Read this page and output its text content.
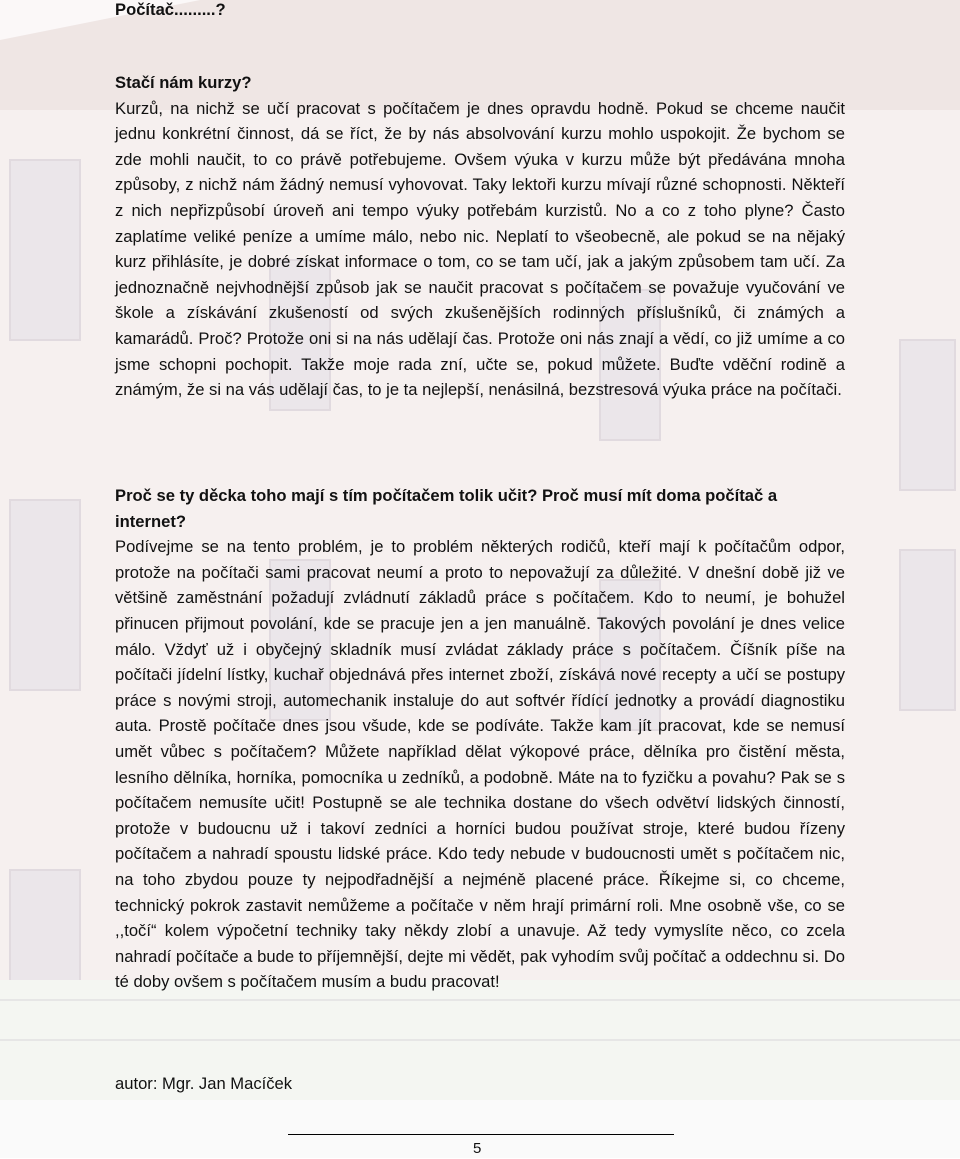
Počítač.........?

Stačí nám kurzy?

Kurzů, na nichž se učí pracovat s počítačem je dnes opravdu hodně. Pokud se chceme naučit jednu konkrétní činnost, dá se říct, že by nás absolvování kurzu mohlo uspokojit. Že bychom se zde mohli naučit, to co právě potřebujeme. Ovšem výuka v kurzu může být předávána mnoha způsoby, z nichž nám žádný nemusí vyhovovat. Taky lektoři kurzu mívají různé schopnosti. Někteří z nich nepřizpůsobí úroveň ani tempo výuky potřebám kurzistů. No a co z toho plyne? Často zaplatíme veliké peníze a umíme málo, nebo nic. Neplatí to všeobecně, ale pokud se na nějaký kurz přihlásíte, je dobré získat informace o tom, co se tam učí, jak a jakým způsobem tam učí. Za jednoznačně nejvhodnější způsob jak se naučit pracovat s počítačem se považuje vyučování ve škole a získávání zkušeností od svých zkušenějších rodinných příslušníků, či známých a kamarádů. Proč? Protože oni si na nás udělají čas. Protože oni nás znají a vědí, co již umíme a co jsme schopni pochopit. Takže moje rada zní, učte se, pokud můžete. Buďte vděční rodině a známým, že si na vás udělají čas, to je ta nejlepší, nenásilná, bezstresová výuka práce na počítači.

Proč se ty děcka toho mají s tím počítačem tolik učit? Proč musí mít doma počítač a internet?

Podívejme se na tento problém, je to problém některých rodičů, kteří mají k počítačům odpor, protože na počítači sami pracovat neumí a proto to nepovažují za důležité. V dnešní době již ve většině zaměstnání požadují zvládnutí základů práce s počítačem. Kdo to neumí, je bohužel přinucen přijmout povolání, kde se pracuje jen a jen manuálně. Takových povolání je dnes velice málo. Vždyť už i obyčejný skladník musí zvládat základy práce s počítačem. Číšník píše na počítači jídelní lístky, kuchař objednává přes internet zboží, získává nové recepty a učí se postupy práce s novými stroji, automechanik instaluje do aut softvér řídící jednotky a provádí diagnostiku auta. Prostě počítače dnes jsou všude, kde se podíváte. Takže kam jít pracovat, kde se nemusí umět vůbec s počítačem? Můžete například dělat výkopové práce, dělníka pro čistění města, lesního dělníka, horníka, pomocníka u zedníků, a podobně. Máte na to fyzičku a povahu? Pak se s počítačem nemusíte učit! Postupně se ale technika dostane do všech odvětví lidských činností, protože v budoucnu už i takoví zedníci a horníci budou používat stroje, které budou řízeny počítačem a nahradí spoustu lidské práce. Kdo tedy nebude v budoucnosti umět s počítačem nic, na toho zbydou pouze ty nejpodřadnější a nejméně placené práce. Říkejme si, co chceme, technický pokrok zastavit nemůžeme a počítače v něm hrají primární roli. Mne osobně vše, co se ,,točí“ kolem výpočetní techniky taky někdy zlobí a unavuje. Až tedy vymyslíte něco, co zcela nahradí počítače a bude to příjemnější, dejte mi vědět, pak vyhodím svůj počítač a oddechnu si. Do té doby ovšem s počítačem musím a budu pracovat!

autor: Mgr. Jan Macíček

5
